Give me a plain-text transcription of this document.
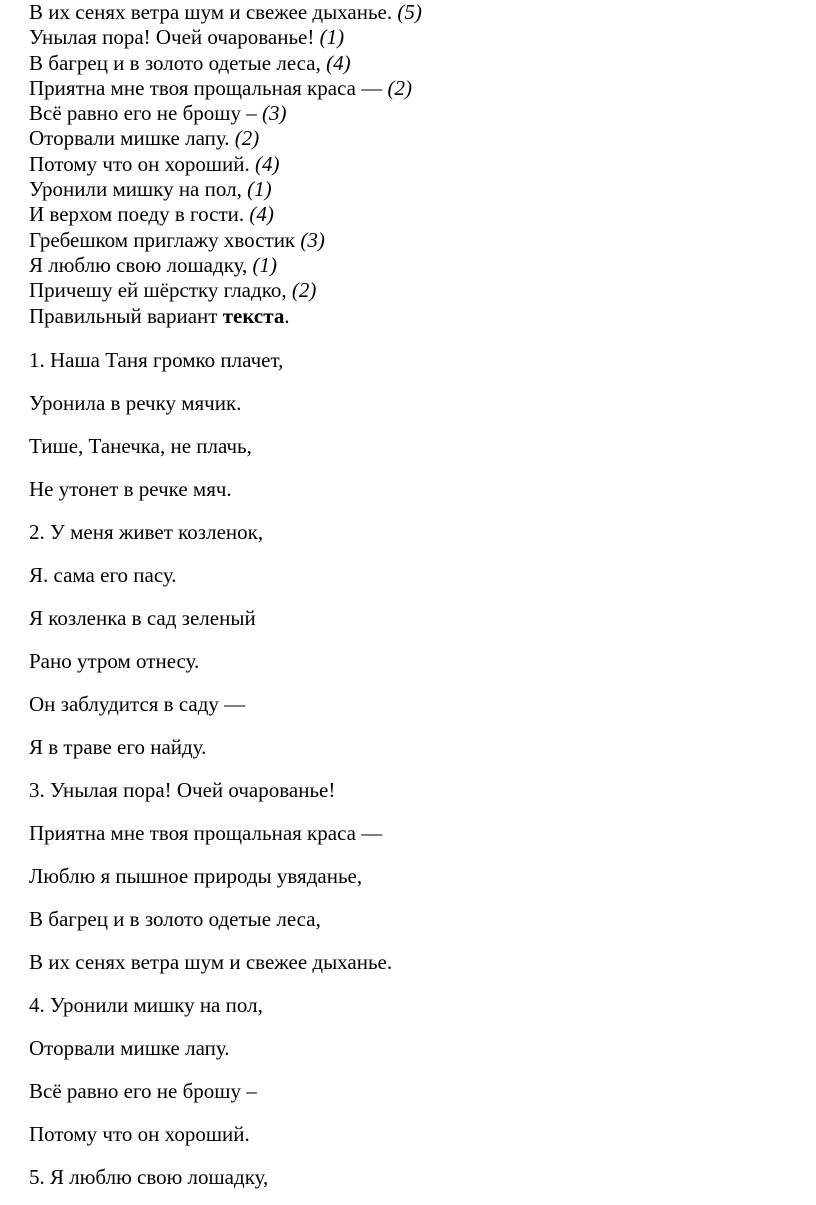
В их сенях ветра шум и свежее дыханье. (5)
Унылая пора! Очей очарованье! (1)
В багрец и в золото одетые леса, (4)
Приятна мне твоя прощальная краса — (2)
Всё равно его не брошу – (3)
Оторвали мишке лапу. (2)
Потому что он хороший. (4)
Уронили мишку на пол, (1)
И верхом поеду в гости. (4)
Гребешком приглажу хвостик (3)
Я люблю свою лошадку, (1)
Причешу ей шёрстку гладко, (2)
Правильный вариант текста.
1. Наша Таня громко плачет,
Уронила в речку мячик.
Тише, Танечка, не плачь,
Не утонет в речке мяч.
2. У меня живет козленок,
Я. сама его пасу.
Я козленка в сад зеленый
Рано утром отнесу.
Он заблудится в саду —
Я в траве его найду.
3. Унылая пора! Очей очарованье!
Приятна мне твоя прощальная краса —
Люблю я пышное природы увяданье,
В багрец и в золото одетые леса,
В их сенях ветра шум и свежее дыханье.
4. Уронили мишку на пол,
Оторвали мишке лапу.
Всё равно его не брошу –
Потому что он хороший.
5. Я люблю свою лошадку,
